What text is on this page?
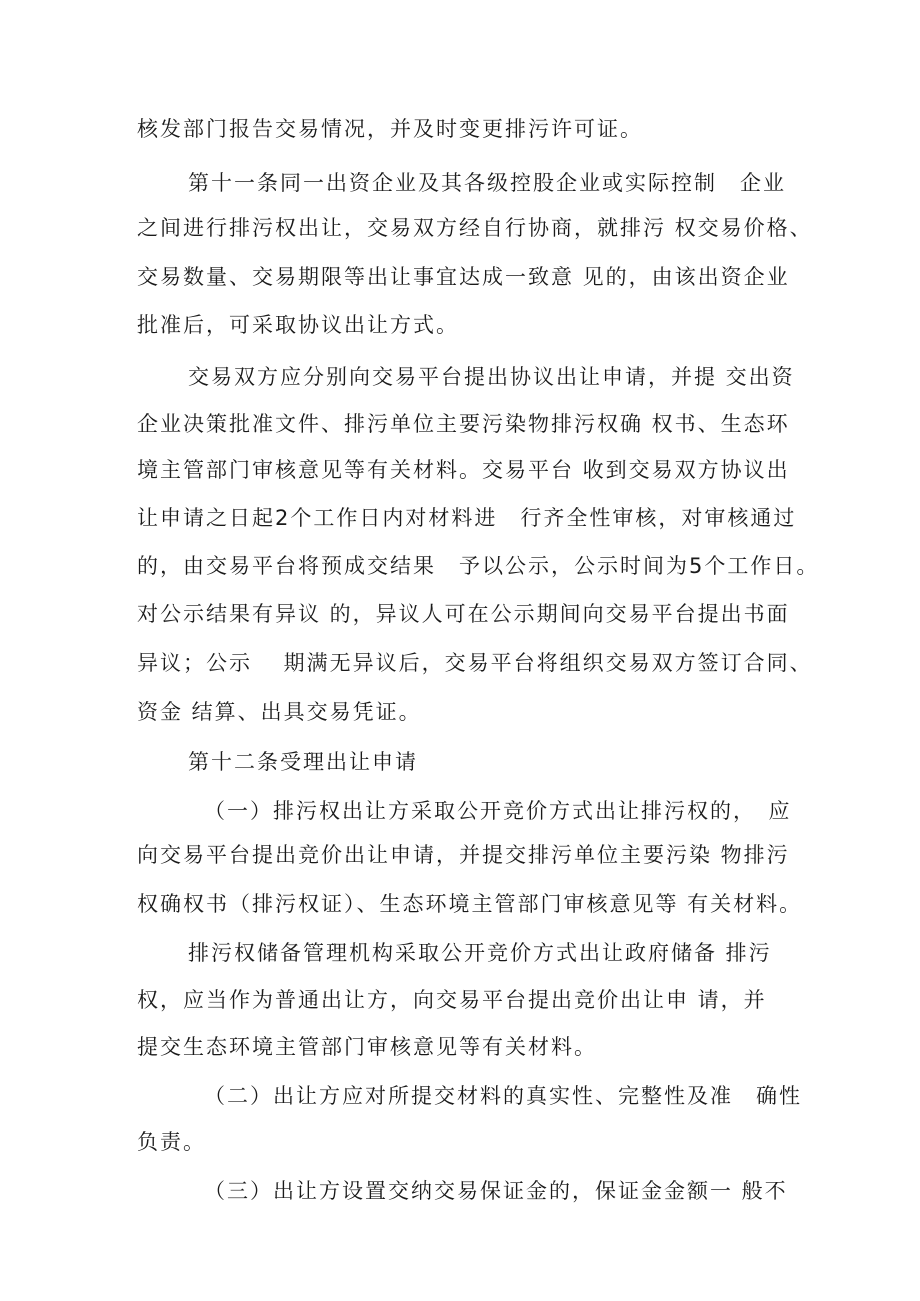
核发部门报告交易情况，并及时变更排污许可证。
第十一条同一出资企业及其各级控股企业或实际控制　企业
之间进行排污权出让，交易双方经自行协商，就排污 权交易价格、
交易数量、交易期限等出让事宜达成一致意 见的，由该出资企业
批准后，可采取协议出让方式。
交易双方应分别向交易平台提出协议出让申请，并提 交出资
企业决策批准文件、排污单位主要污染物排污权确 权书、生态环
境主管部门审核意见等有关材料。交易平台 收到交易双方协议出
让申请之日起2个工作日内对材料进　行齐全性审核，对审核通过
的，由交易平台将预成交结果　予以公示，公示时间为5个工作日。
对公示结果有异议 的，异议人可在公示期间向交易平台提出书面
异议；公示　 期满无异议后，交易平台将组织交易双方签订合同、
资金 结算、出具交易凭证。
第十二条受理出让申请
（一）排污权出让方采取公开竞价方式出让排污权的，　应
向交易平台提出竞价出让申请，并提交排污单位主要污染 物排污
权确权书（排污权证）、生态环境主管部门审核意见等 有关材料。
排污权储备管理机构采取公开竞价方式出让政府储备 排污
权，应当作为普通出让方，向交易平台提出竞价出让申 请，并
提交生态环境主管部门审核意见等有关材料。
（二）出让方应对所提交材料的真实性、完整性及准　确性
负责。
（三）出让方设置交纳交易保证金的，保证金金额一 般不
